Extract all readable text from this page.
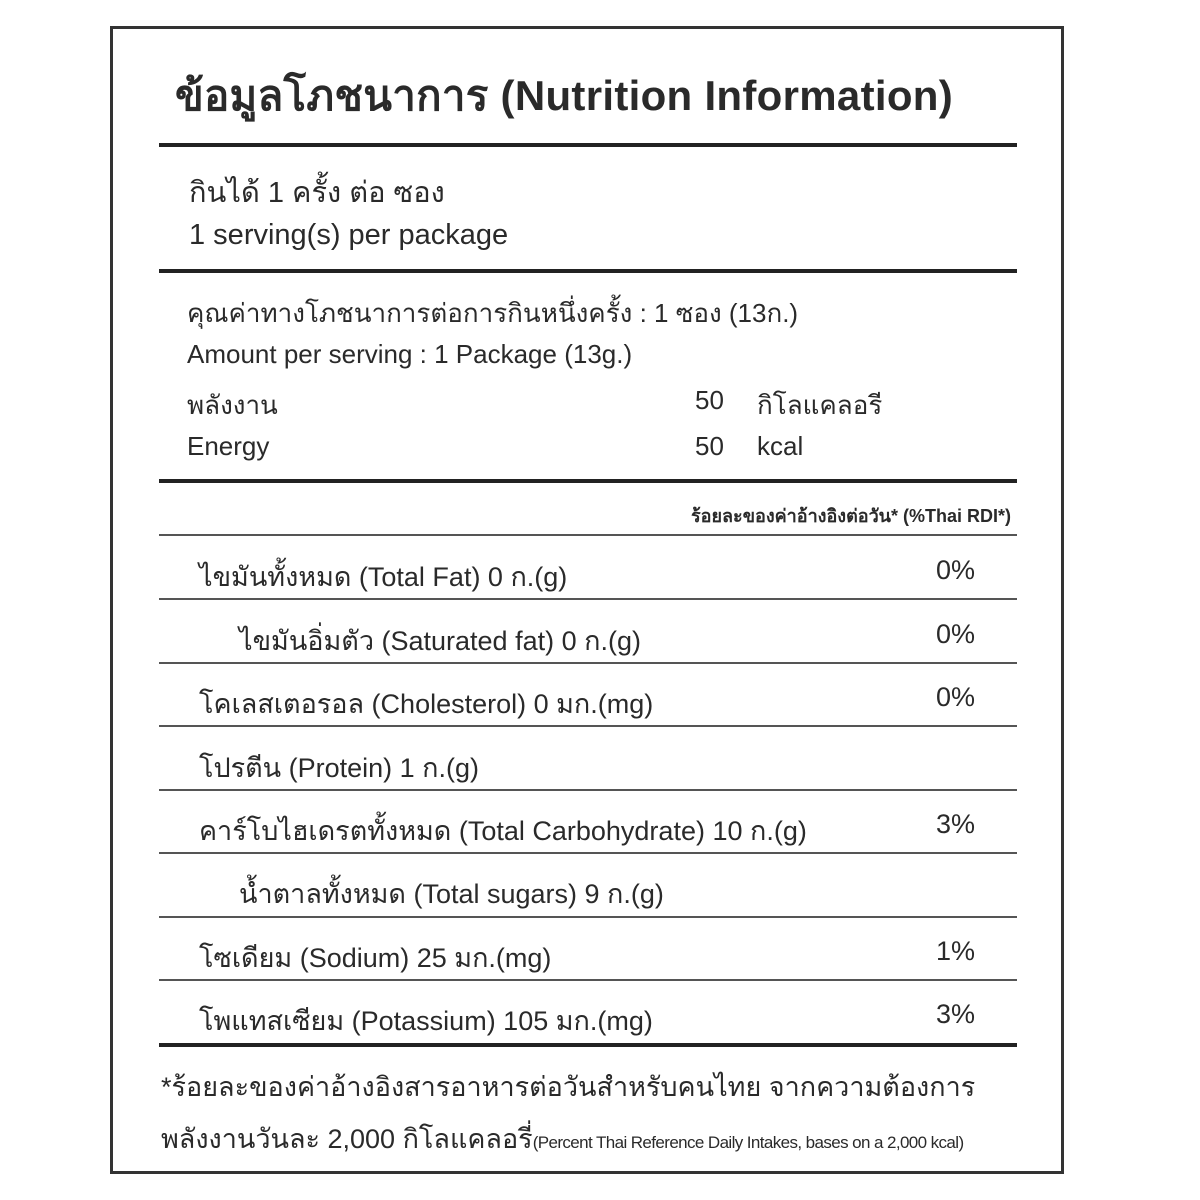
ข้อมูลโภชนาการ (Nutrition Information)
กินได้ 1 ครั้ง ต่อ ซอง
1 serving(s) per package
คุณค่าทางโภชนาการต่อการกินหนึ่งครั้ง : 1 ซอง (13ก.)
Amount per serving : 1 Package (13g.)
พลังงาน	50 กิโลแคลอรี
Energy	50 kcal
ร้อยละของค่าอ้างอิงต่อวัน* (%Thai RDI*)
ไขมันทั้งหมด (Total Fat) 0 ก.(g)	0%
ไขมันอิ่มตัว (Saturated fat) 0 ก.(g)	0%
โคเลสเตอรอล (Cholesterol) 0 มก.(mg)	0%
โปรตีน (Protein) 1 ก.(g)
คาร์โบไฮเดรตทั้งหมด (Total Carbohydrate) 10 ก.(g)	3%
น้ำตาลทั้งหมด (Total sugars) 9 ก.(g)
โซเดียม (Sodium) 25 มก.(mg)	1%
โพแทสเซียม (Potassium) 105 มก.(mg)	3%
*ร้อยละของค่าอ้างอิงสารอาหารต่อวันสำหรับคนไทย จากความต้องการ
พลังงานวันละ 2,000 กิโลแคลอรี่(Percent Thai Reference Daily Intakes, bases on a 2,000 kcal)
